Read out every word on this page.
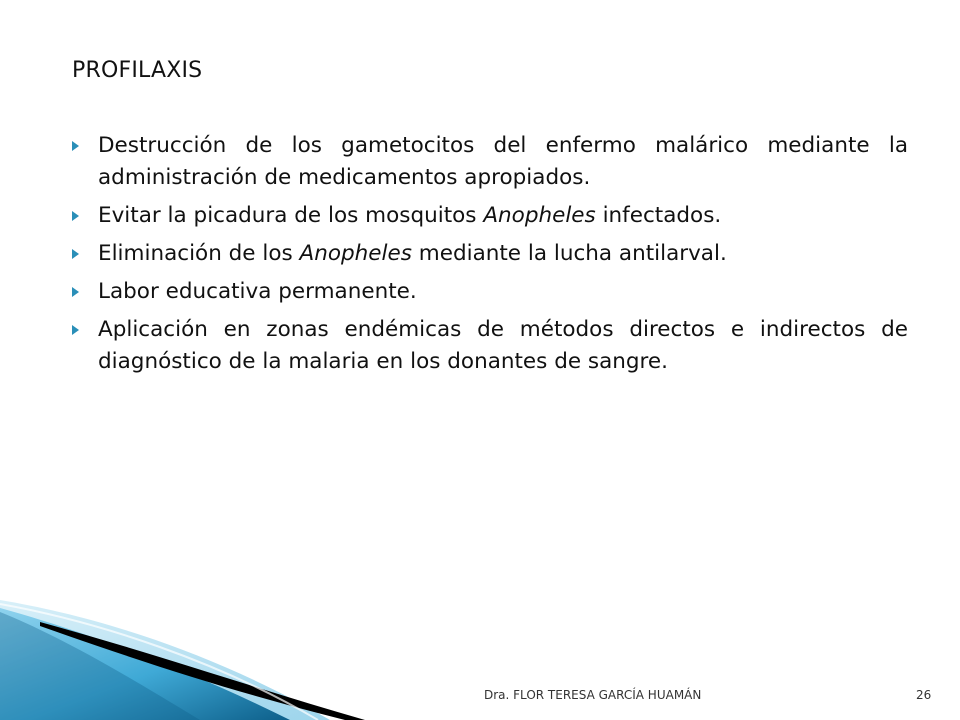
PROFILAXIS
Destrucción de los gametocitos del enfermo malárico mediante la administración de medicamentos apropiados.
Evitar la picadura de los mosquitos Anopheles infectados.
Eliminación de los Anopheles mediante la lucha antilarval.
Labor educativa permanente.
Aplicación en zonas endémicas de métodos directos e indirectos de diagnóstico de la malaria en los donantes de sangre.
Dra. FLOR TERESA GARCÍA HUAMÁN	26
